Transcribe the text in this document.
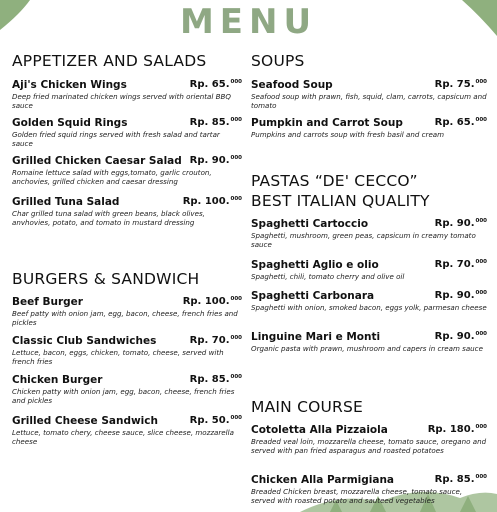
MENU
APPETIZER AND SALADS
Aji's Chicken Wings	Rp. 65.$^{000}$
Deep fried marinated chicken wings served with oriental BBQ sauce
Golden Squid Rings	Rp. 85.$^{000}$
Golden fried squid rings served with fresh salad and tartar sauce
Grilled Chicken Caesar Salad Rp. 90.$^{000}$
Romaine lettuce salad with eggs,tomato, garlic crouton, anchovies, grilled chicken and caesar dressing
Grilled Tuna Salad	Rp. 100.$^{000}$
Char grilled tuna salad with green beans, black olives, anvhovies, potato, and tomato in mustard dressing
BURGERS & SANDWICH
Beef Burger	Rp. 100.$^{000}$
Beef patty with onion jam, egg, bacon, cheese, french fries and pickles
Classic Club Sandwiches	Rp. 70.$^{000}$
Lettuce, bacon, eggs, chicken, tomato, cheese, served with french fries
Chicken Burger	Rp. 85.$^{000}$
Chicken patty with onion jam, egg, bacon, cheese, french fries and pickles
Grilled Cheese Sandwich	Rp. 50.$^{000}$
Lettuce, tomato chery, cheese sauce, slice cheese, mozzarella cheese
SOUPS
Seafood Soup	Rp. 75.$^{000}$
Seafood soup with prawn, fish, squid, clam, carrots, capsicum and tomato
Pumpkin and Carrot Soup	Rp. 65.$^{000}$
Pumpkins and carrots soup with fresh basil and cream
PASTAS “DE' CECCO”
BEST ITALIAN QUALITY
Spaghetti Cartoccio	Rp. 90.$^{000}$
Spaghetti, mushroom, green peas, capsicum in creamy tomato sauce
Spaghetti Aglio e olio	Rp. 70.$^{000}$
Spaghetti, chili, tomato cherry and olive oil
Spaghetti Carbonara	Rp. 90.$^{000}$
Spaghetti with onion, smoked bacon, eggs yolk, parmesan cheese
Linguine Mari e Monti	Rp. 90.$^{000}$
Organic pasta with prawn, mushroom and capers in cream sauce
MAIN COURSE
Cotoletta Alla Pizzaiola	Rp. 180.$^{000}$
Breaded veal loin, mozzarella cheese, tomato sauce, oregano and served with pan fried asparagus and roasted potatoes
Chicken Alla Parmigiana	Rp. 85.$^{000}$
Breaded Chicken breast, mozzarella cheese, tomato sauce, served with roasted potato and sauteed vegetables
